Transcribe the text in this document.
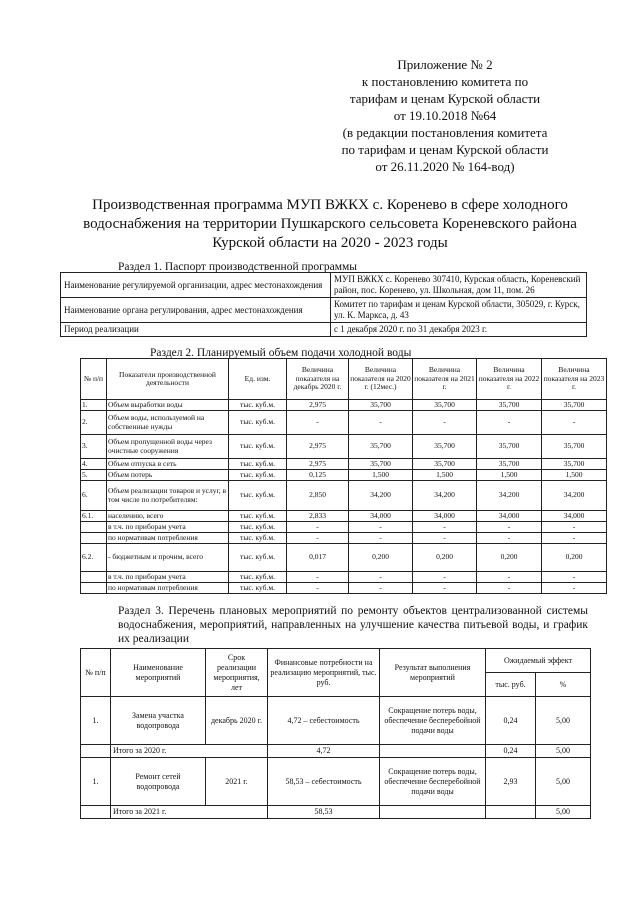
Приложение № 2
к постановлению комитета по
тарифам и ценам Курской области
от 19.10.2018 №64
(в редакции постановления комитета
по тарифам и ценам Курской области
от 26.11.2020 № 164-вод)
Производственная программа МУП ВЖКХ с. Коренево в сфере холодного водоснабжения на территории Пушкарского сельсовета Кореневского района Курской области на 2020 - 2023 годы
Раздел 1. Паспорт производственной программы
Наименование регулируемой организации, адрес местонахождения	МУП ВЖКХ с. Коренево 307410, Курская область, Кореневский район, пос. Коренево, ул. Школьная, дом 11, пом. 26
Наименование органа регулирования, адрес местонахождения	Комитет по тарифам и ценам Курской области, 305029, г. Курск, ул. К. Маркса, д. 43
Период реализации	с 1 декабря 2020 г. по 31 декабря 2023 г.
Раздел 2. Планируемый объем подачи холодной воды
№ п/п	Показатели производственной деятельности	Ед. изм.	Величина показателя на декабрь 2020 г.	Величина показателя на 2020 г. (12мес.)	Величина показателя на 2021 г.	Величина показателя на 2022 г.	Величина показателя на 2023 г.
1.	Объем выработки воды	тыс. куб.м.	2,975	35,700	35,700	35,700	35,700
2.	Объем воды, используемой на собственные нужды	тыс. куб.м.	-	-	-	-	-
3.	Объем пропущенной воды через очистные сооружения	тыс. куб.м.	2,975	35,700	35,700	35,700	35,700
4.	Объем отпуска в сеть	тыс. куб.м.	2,975	35,700	35,700	35,700	35,700
5.	Объем потерь	тыс. куб.м.	0,125	1,500	1,500	1,500	1,500
6.	Объем реализации товаров и услуг, в том числе по потребителям:	тыс. куб.м.	2,850	34,200	34,200	34,200	34,200
6.1.	населению, всего	тыс. куб.м.	2,833	34,000	34,000	34,000	34,000
	в т.ч. по приборам учета	тыс. куб.м.	-	-	-	-	-
	по нормативам потребления	тыс. куб.м.	-	-	-	-	-
6.2.	- бюджетным и прочим, всего	тыс. куб.м.	0,017	0,200	0,200	0,200	0,200
	в т.ч. по приборам учета	тыс. куб.м.	-	-	-	-	-
	по нормативам потребления	тыс. куб.м.	-	-	-	-	-
Раздел 3. Перечень плановых мероприятий по ремонту объектов централизованной системы водоснабжения, мероприятий, направленных на улучшение качества питьевой воды, и график их реализации
№ п/п	Наименование мероприятий	Срок реализации мероприятия, лет	Финансовые потребности на реализацию мероприятий, тыс. руб.	Результат выполнения мероприятий	Ожидаемый эффект	
					тыс. руб.	%
1.	Замена участка водопровода	декабрь 2020 г.	4,72 – себестоимость	Сокращение потерь воды, обеспечение бесперебойной подачи воды	0,24	5,00
	Итого за 2020 г.		4,72		0,24	5,00
1.	Ремонт сетей водопровода	2021 г.	58,53 – себестоимость	Сокращение потерь воды, обеспечение бесперебойной подачи воды	2,93	5,00
	Итого за 2021 г.		58,53			5,00
